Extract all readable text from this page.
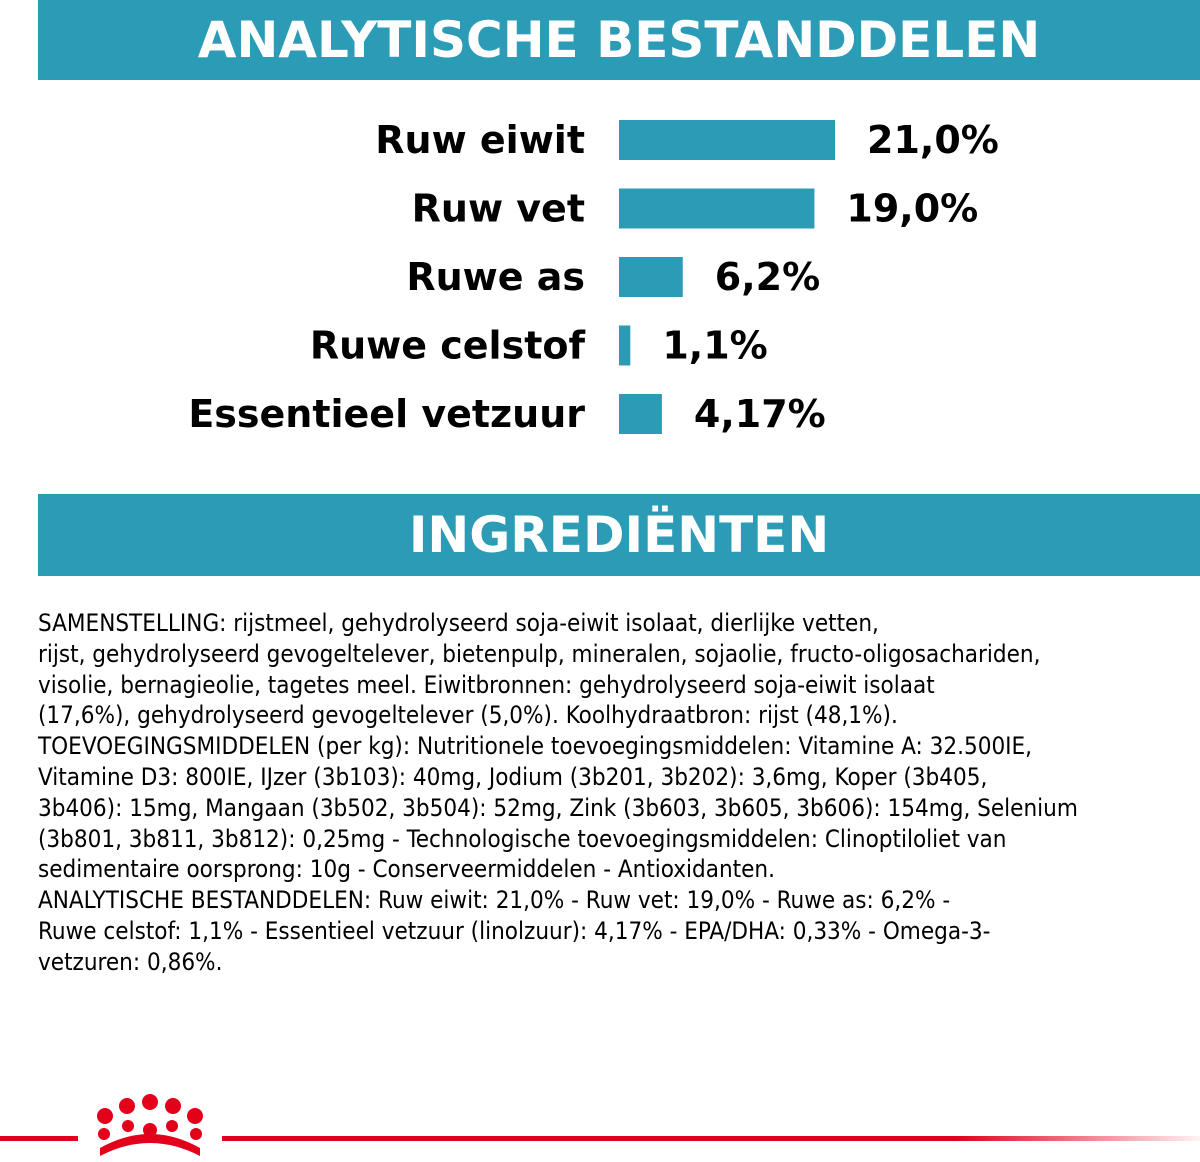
ANALYTISCHE BESTANDDELEN
Ruw eiwit	21,0%
Ruw vet	19,0%
Ruwe as	6,2%
Ruwe celstof 1,1%
Essentieel vetzuur	4,17%
INGREDIËNTEN

SAMENSTELLING: rijstmeel, gehydrolyseerd soja-eiwit isolaat, dierlijke vetten,
rijst, gehydrolyseerd gevogeltelever, bietenpulp, mineralen, sojaolie, fructo-oligosachariden,
visolie, bernagieolie, tagetes meel. Eiwitbronnen: gehydrolyseerd soja-eiwit isolaat
(17,6%), gehydrolyseerd gevogeltelever (5,0%). Koolhydraatbron: rijst (48,1%).
TOEVOEGINGSMIDDELEN (per kg): Nutritionele toevoegingsmiddelen: Vitamine A: 32.500IE,
Vitamine D3: 800IE, IJzer (3b103): 40mg, Jodium (3b201, 3b202): 3,6mg, Koper (3b405,
3b406): 15mg, Mangaan (3b502, 3b504): 52mg, Zink (3b603, 3b605, 3b606): 154mg, Selenium
(3b801, 3b811, 3b812): 0,25mg - Technologische toevoegingsmiddelen: Clinoptiloliet van
sedimentaire oorsprong: 10g - Conserveermiddelen - Antioxidanten.
ANALYTISCHE BESTANDDELEN: Ruw eiwit: 21,0% - Ruw vet: 19,0% - Ruwe as: 6,2% -
Ruwe celstof: 1,1% - Essentieel vetzuur (linolzuur): 4,17% - EPA/DHA: 0,33% - Omega-3-
vetzuren: 0,86%.
